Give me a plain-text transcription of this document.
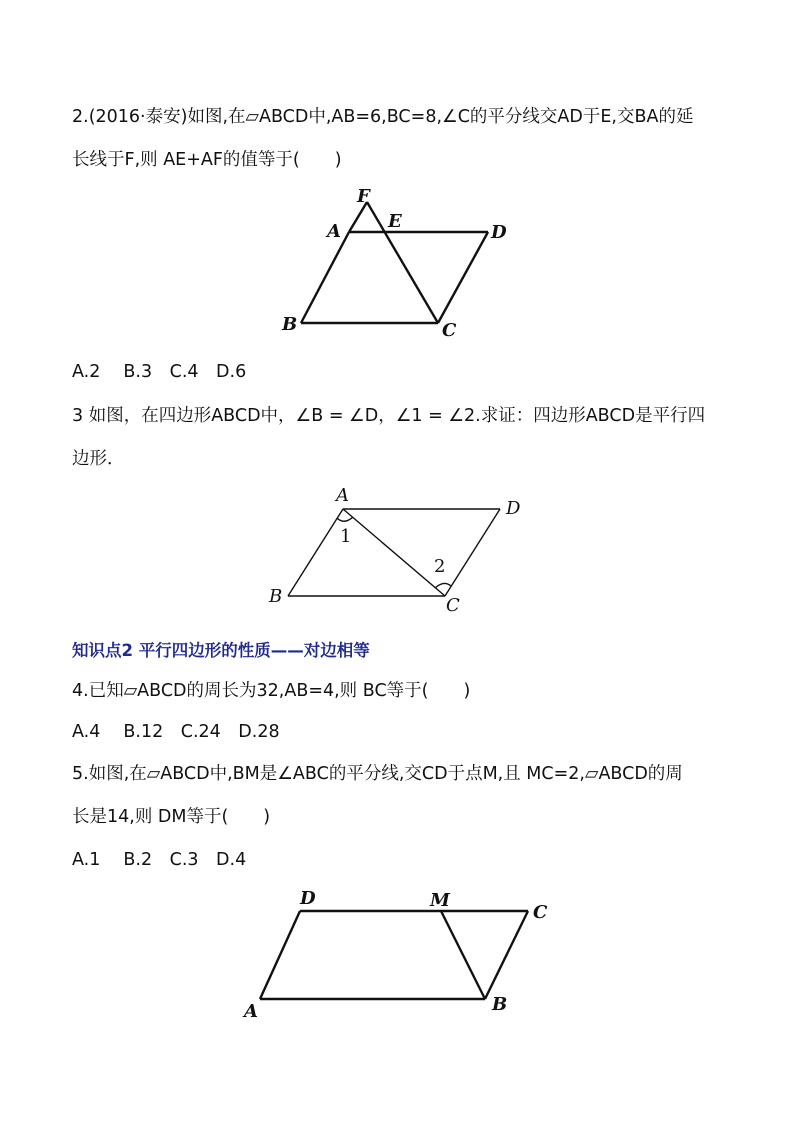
2.(2016·泰安)如图,在▱ABCD中,AB=6,BC=8,∠C的平分线交AD于E,交BA的延
长线于F,则 AE+AF的值等于(　　)
F
A	E
D
B	C
A.2　 B.3　C.4　D.6
3 如图，在四边形ABCD中，∠B = ∠D，∠1 = ∠2.求证：四边形ABCD是平行四
边形．
A
D
B	C
1
2
知识点2 平行四边形的性质——对边相等
4.已知▱ABCD的周长为32,AB=4,则 BC等于(　　)
A.4　 B.12　C.24　D.28
5.如图,在▱ABCD中,BM是∠ABC的平分线,交CD于点M,且 MC=2,▱ABCD的周
长是14,则 DM等于(　　)
A.1　 B.2　C.3　D.4
D	M
C
A	B
